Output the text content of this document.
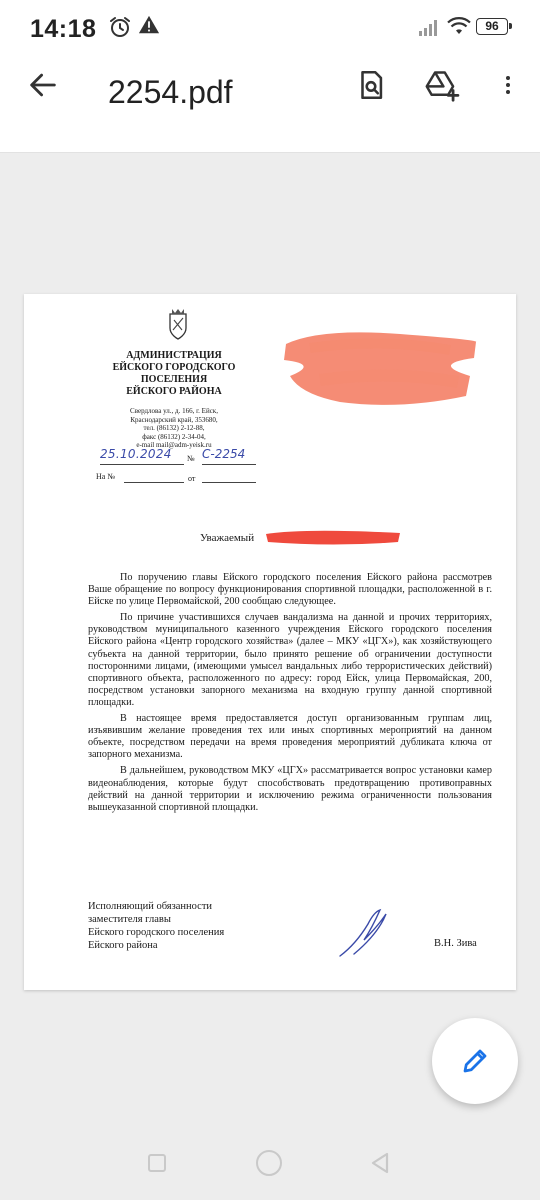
14:18	96
2254.pdf
АДМИНИСТРАЦИЯ
ЕЙСКОГО ГОРОДСКОГО
ПОСЕЛЕНИЯ
ЕЙСКОГО РАЙОНА
Свердлова ул., д. 166, г. Ейск,
Краснодарский край, 353680,
тел. (86132) 2-12-88,
факс (86132) 2-34-04,
e-mail mail@adm-yeisk.ru
25.10.2024 № С-2254
На №	от
Уважаемый

По поручению главы Ейского городского поселения Ейского района рассмотрев Ваше обращение по вопросу функционирования спортивной площадки, расположенной в г. Ейске по улице Первомайской, 200 сообщаю следующее.

По причине участившихся случаев вандализма на данной и прочих территориях, руководством муниципального казенного учреждения Ейского городского поселения Ейского района «Центр городского хозяйства» (далее – МКУ «ЦГХ»), как хозяйствующего субъекта на данной территории, было принято решение об ограничении доступности посторонними лицами, (имеющими умысел вандальных либо террористических действий) спортивного объекта, расположенного по адресу: город Ейск, улица Первомайская, 200, посредством установки запорного механизма на входную группу данной спортивной площадки.

В настоящее время предоставляется доступ организованным группам лиц, изъявившим желание проведения тех или иных спортивных мероприятий на данном объекте, посредством передачи на время проведения мероприятий дубликата ключа от запорного механизма.

В дальнейшем, руководством МКУ «ЦГХ» рассматривается вопрос установки камер видеонаблюдения, которые будут способствовать предотвращению противоправных действий на данной территории и исключению режима ограниченности пользования вышеуказанной спортивной площадки.

Исполняющий обязанности
заместителя главы
Ейского городского поселения
Ейского района	В.Н. Зива
